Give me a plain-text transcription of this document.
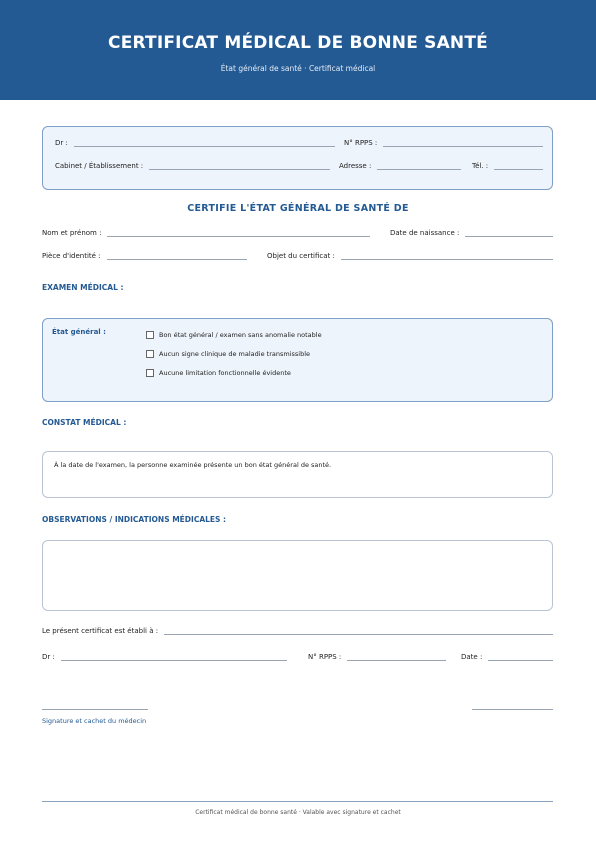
CERTIFICAT MÉDICAL DE BONNE SANTÉ
État général de santé · Certificat médical
Dr :	N° RPPS :
Cabinet / Établissement :	Adresse :	Tél. :
CERTIFIE L'ÉTAT GÉNÉRAL DE SANTÉ DE
Nom et prénom :	Date de naissance :
Pièce d'identité :	Objet du certificat :
EXAMEN MÉDICAL :
État général :	Bon état général / examen sans anomalie notable
Aucun signe clinique de maladie transmissible
Aucune limitation fonctionnelle évidente
CONSTAT MÉDICAL :
À la date de l'examen, la personne examinée présente un bon état général de santé.
OBSERVATIONS / INDICATIONS MÉDICALES :
Le présent certificat est établi à :
Dr :	N° RPPS :	Date :
Signature et cachet du médecin
Certificat médical de bonne santé · Valable avec signature et cachet
